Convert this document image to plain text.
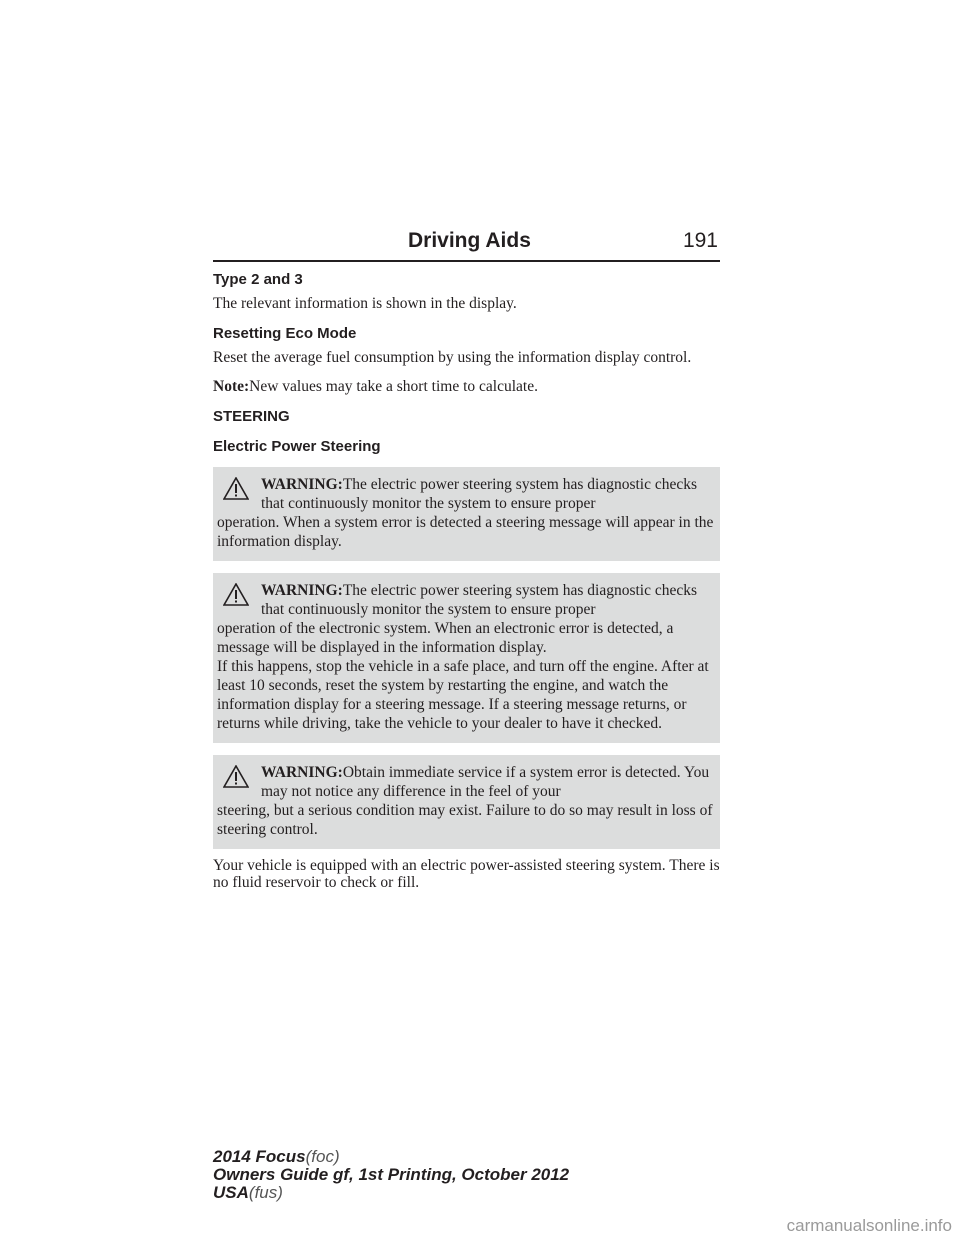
Driving Aids	191
Type 2 and 3

The relevant information is shown in the display.

Resetting Eco Mode

Reset the average fuel consumption by using the information display control.

Note:New values may take a short time to calculate.

STEERING
Electric Power Steering
WARNING:The electric power steering system has diagnostic checks that continuously monitor the system to ensure proper
operation. When a system error is detected a steering message will appear in the information display.
WARNING:The electric power steering system has diagnostic checks that continuously monitor the system to ensure proper
operation of the electronic system. When an electronic error is detected, a message will be displayed in the information display.
If this happens, stop the vehicle in a safe place, and turn off the engine. After at least 10 seconds, reset the system by restarting the engine, and watch the information display for a steering message. If a steering message returns, or returns while driving, take the vehicle to your dealer to have it checked.
WARNING:Obtain immediate service if a system error is detected. You may not notice any difference in the feel of your
steering, but a serious condition may exist. Failure to do so may result in loss of steering control.

Your vehicle is equipped with an electric power-assisted steering system. There is no fluid reservoir to check or fill.

2014 Focus(foc)
Owners Guide gf, 1st Printing, October 2012
USA(fus)
carmanualsonline.info
